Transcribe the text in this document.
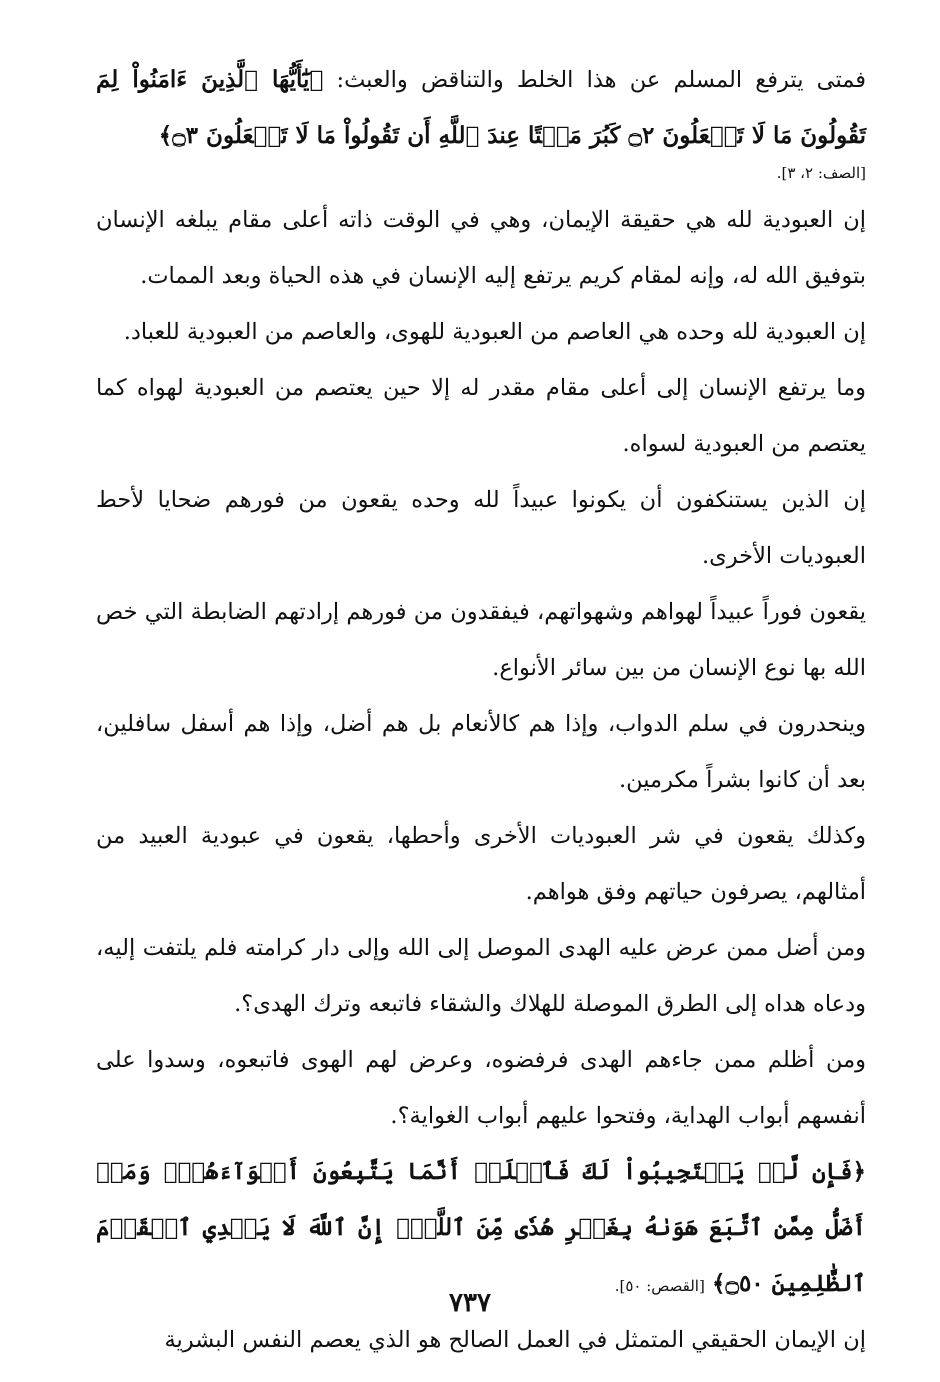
فمتى يترفع المسلم عن هذا الخلط والتناقض والعبث: ﴿يَٰٓأَيُّهَا ٱلَّذِينَ ءَامَنُواْ لِمَ تَقُولُونَ مَا لَا تَفۡعَلُونَ ۝٢ كَبُرَ مَقۡتًا عِندَ ٱللَّهِ أَن تَقُولُواْ مَا لَا تَفۡعَلُونَ ۝٣﴾

[الصف: ٢، ٣].

إن العبودية لله هي حقيقة الإيمان، وهي في الوقت ذاته أعلى مقام يبلغه الإنسان بتوفيق الله له، وإنه لمقام كريم يرتفع إليه الإنسان في هذه الحياة وبعد الممات.

إن العبودية لله وحده هي العاصم من العبودية للهوى، والعاصم من العبودية للعباد.

وما يرتفع الإنسان إلى أعلى مقام مقدر له إلا حين يعتصم من العبودية لهواه كما يعتصم من العبودية لسواه.

إن الذين يستنكفون أن يكونوا عبيداً لله وحده يقعون من فورهم ضحايا لأحط العبوديات الأخرى.

يقعون فوراً عبيداً لهواهم وشهواتهم، فيفقدون من فورهم إرادتهم الضابطة التي خص الله بها نوع الإنسان من بين سائر الأنواع.

وينحدرون في سلم الدواب، وإذا هم كالأنعام بل هم أضل، وإذا هم أسفل سافلين، بعد أن كانوا بشراً مكرمين.

وكذلك يقعون في شر العبوديات الأخرى وأحطها، يقعون في عبودية العبيد من أمثالهم، يصرفون حياتهم وفق هواهم.

ومن أضل ممن عرض عليه الهدى الموصل إلى الله وإلى دار كرامته فلم يلتفت إليه، ودعاه هداه إلى الطرق الموصلة للهلاك والشقاء فاتبعه وترك الهدى؟.

ومن أظلم ممن جاءهم الهدى فرفضوه، وعرض لهم الهوى فاتبعوه، وسدوا على أنفسهم أبواب الهداية، وفتحوا عليهم أبواب الغواية؟.

﴿فَإِن لَّمۡ يَسۡتَجِيبُواْ لَكَ فَٱعۡلَمۡ أَنَّمَا يَتَّبِعُونَ أَهۡوَآءَهُمۡۚ وَمَنۡ أَضَلُّ مِمَّنِ ٱتَّبَعَ هَوَىٰهُ بِغَيۡرِ هُدٗى مِّنَ ٱللَّهِۚ إِنَّ ٱللَّهَ لَا يَهۡدِي ٱلۡقَوۡمَ ٱلظَّٰلِمِينَ ۝٥٠﴾ [القصص: ٥٠].

إن الإيمان الحقيقي المتمثل في العمل الصالح هو الذي يعصم النفس البشرية

٧٣٧
